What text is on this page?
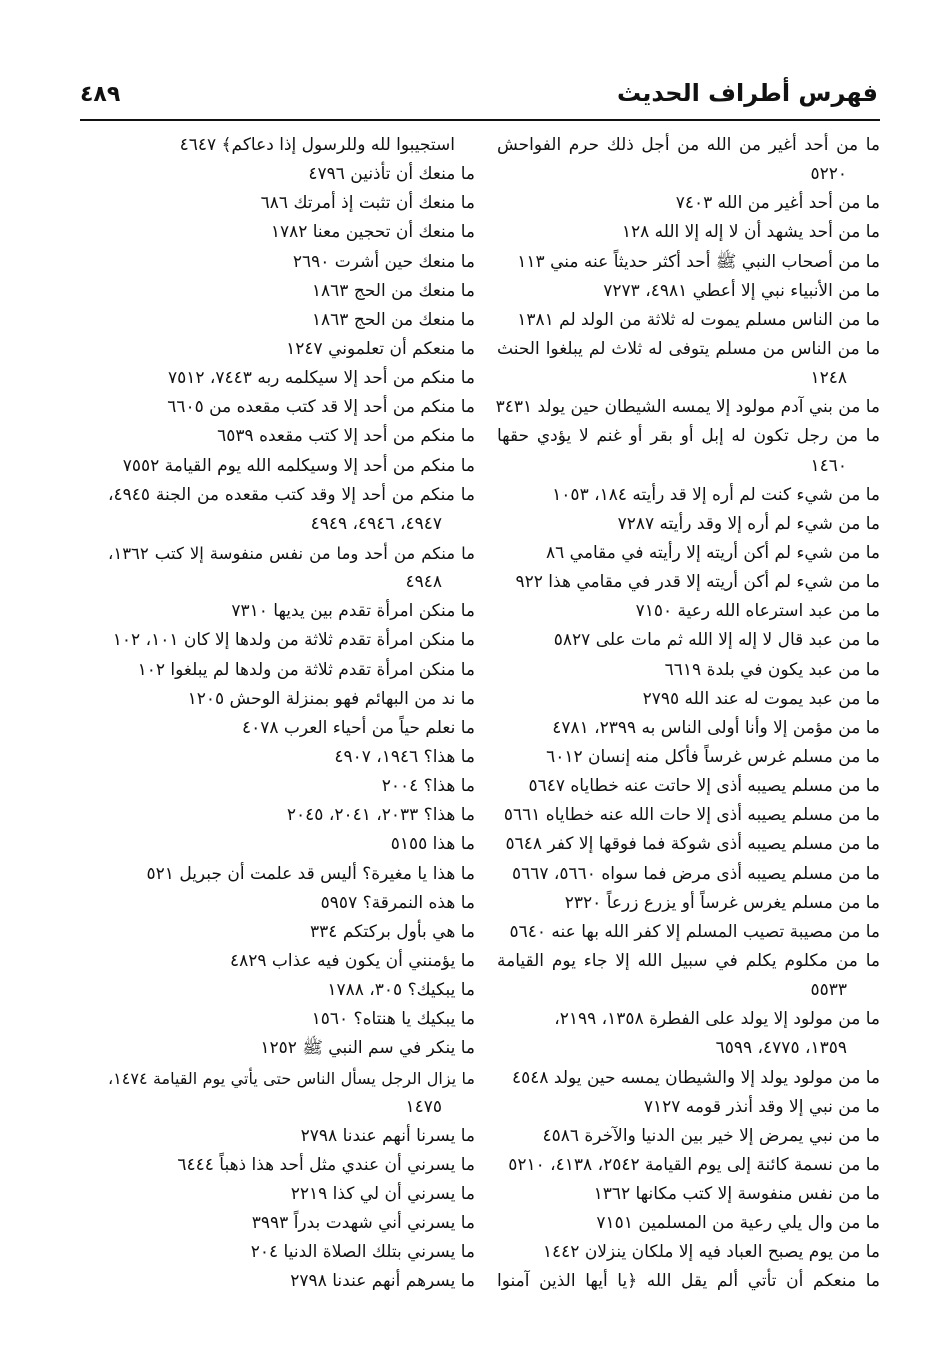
فهرس أطراف الحديث
٤٨٩
ما من أحد أغير من الله من أجل ذلك حرم الفواحش
٥٢٢٠
ما من أحد أغير من الله ٧٤٠٣
ما من أحد يشهد أن لا إله إلا الله ١٢٨
ما من أصحاب النبي ﷺ أحد أكثر حديثاً عنه مني ١١٣
ما من الأنبياء نبي إلا أعطي ٤٩٨١، ٧٢٧٣
ما من الناس مسلم يموت له ثلاثة من الولد لم ١٣٨١
ما من الناس من مسلم يتوفى له ثلاث لم يبلغوا الحنث
١٢٤٨
ما من بني آدم مولود إلا يمسه الشيطان حين يولد ٣٤٣١
ما من رجل تكون له إبل أو بقر أو غنم لا يؤدي حقها
١٤٦٠
ما من شيء كنت لم أره إلا قد رأيته ١٨٤، ١٠٥٣
ما من شيء لم أره إلا وقد رأيته ٧٢٨٧
ما من شيء لم أكن أريته إلا رأيته في مقامي ٨٦
ما من شيء لم أكن أريته إلا قدر في مقامي هذا ٩٢٢
ما من عبد استرعاه الله رعية ٧١٥٠
ما من عبد قال لا إله إلا الله ثم مات على ٥٨٢٧
ما من عبد يكون في بلدة ٦٦١٩
ما من عبد يموت له عند الله ٢٧٩٥
ما من مؤمن إلا وأنا أولى الناس به ٢٣٩٩، ٤٧٨١
ما من مسلم غرس غرساً فأكل منه إنسان ٦٠١٢
ما من مسلم يصيبه أذى إلا حاتت عنه خطاياه ٥٦٤٧
ما من مسلم يصيبه أذى إلا حات الله عنه خطاياه ٥٦٦١
ما من مسلم يصيبه أذى شوكة فما فوقها إلا كفر ٥٦٤٨
ما من مسلم يصيبه أذى مرض فما سواه ٥٦٦٠، ٥٦٦٧
ما من مسلم يغرس غرساً أو يزرع زرعاً ٢٣٢٠
ما من مصيبة تصيب المسلم إلا كفر الله بها عنه ٥٦٤٠
ما من مكلوم يكلم في سبيل الله إلا جاء يوم القيامة
٥٥٣٣
ما من مولود إلا يولد على الفطرة ١٣٥٨، ٢١٩٩،
١٣٥٩، ٤٧٧٥، ٦٥٩٩
ما من مولود يولد إلا والشيطان يمسه حين يولد ٤٥٤٨
ما من نبي إلا وقد أنذر قومه ٧١٢٧
ما من نبي يمرض إلا خير بين الدنيا والآخرة ٤٥٨٦
ما من نسمة كائنة إلى يوم القيامة ٢٥٤٢، ٤١٣٨، ٥٢١٠
ما من نفس منفوسة إلا كتب مكانها ١٣٦٢
ما من وال يلي رعية من المسلمين ٧١٥١
ما من يوم يصبح العباد فيه إلا ملكان ينزلان ١٤٤٢
ما منعكم أن تأتي ألم يقل الله ﴿يا أيها الذين آمنوا
استجيبوا لله وللرسول إذا دعاكم﴾ ٤٦٤٧
ما منعك أن تأذنين ٤٧٩٦
ما منعك أن تثبت إذ أمرتك ٦٨٦
ما منعك أن تحجين معنا ١٧٨٢
ما منعك حين أشرت ٢٦٩٠
ما منعك من الحج ١٨٦٣
ما منعك من الحج ١٨٦٣
ما منعكم أن تعلموني ١٢٤٧
ما منكم من أحد إلا سيكلمه ربه ٧٤٤٣، ٧٥١٢
ما منكم من أحد إلا قد كتب مقعده من ٦٦٠٥
ما منكم من أحد إلا كتب مقعده ٦٥٣٩
ما منكم من أحد إلا وسيكلمه الله يوم القيامة ٧٥٥٢
ما منكم من أحد إلا وقد كتب مقعده من الجنة ٤٩٤٥،
٤٩٤٧، ٤٩٤٦، ٤٩٤٩
ما منكم من أحد وما من نفس منفوسة إلا كتب ١٣٦٢،
٤٩٤٨
ما منكن امرأة تقدم بين يديها ٧٣١٠
ما منكن امرأة تقدم ثلاثة من ولدها إلا كان ١٠١، ١٠٢
ما منكن امرأة تقدم ثلاثة من ولدها لم يبلغوا ١٠٢
ما ند من البهائم فهو بمنزلة الوحش ١٢٠٥
ما نعلم حياً من أحياء العرب ٤٠٧٨
ما هذا؟ ١٩٤٦، ٤٩٠٧
ما هذا؟ ٢٠٠٤
ما هذا؟ ٢٠٣٣، ٢٠٤١، ٢٠٤٥
ما هذا ٥١٥٥
ما هذا يا مغيرة؟ أليس قد علمت أن جبريل ٥٢١
ما هذه النمرقة؟ ٥٩٥٧
ما هي بأول بركتكم ٣٣٤
ما يؤمنني أن يكون فيه عذاب ٤٨٢٩
ما يبكيك؟ ٣٠٥، ١٧٨٨
ما يبكيك يا هنتاه؟ ١٥٦٠
ما ينكر في سم النبي ﷺ ١٢٥٢
ما يزال الرجل يسأل الناس حتى يأتي يوم القيامة ١٤٧٤،
١٤٧٥
ما يسرنا أنهم عندنا ٢٧٩٨
ما يسرني أن عندي مثل أحد هذا ذهباً ٦٤٤٤
ما يسرني أن لي كذا ٢٢١٩
ما يسرني أني شهدت بدراً ٣٩٩٣
ما يسرني بتلك الصلاة الدنيا ٢٠٤
ما يسرهم أنهم عندنا ٢٧٩٨
